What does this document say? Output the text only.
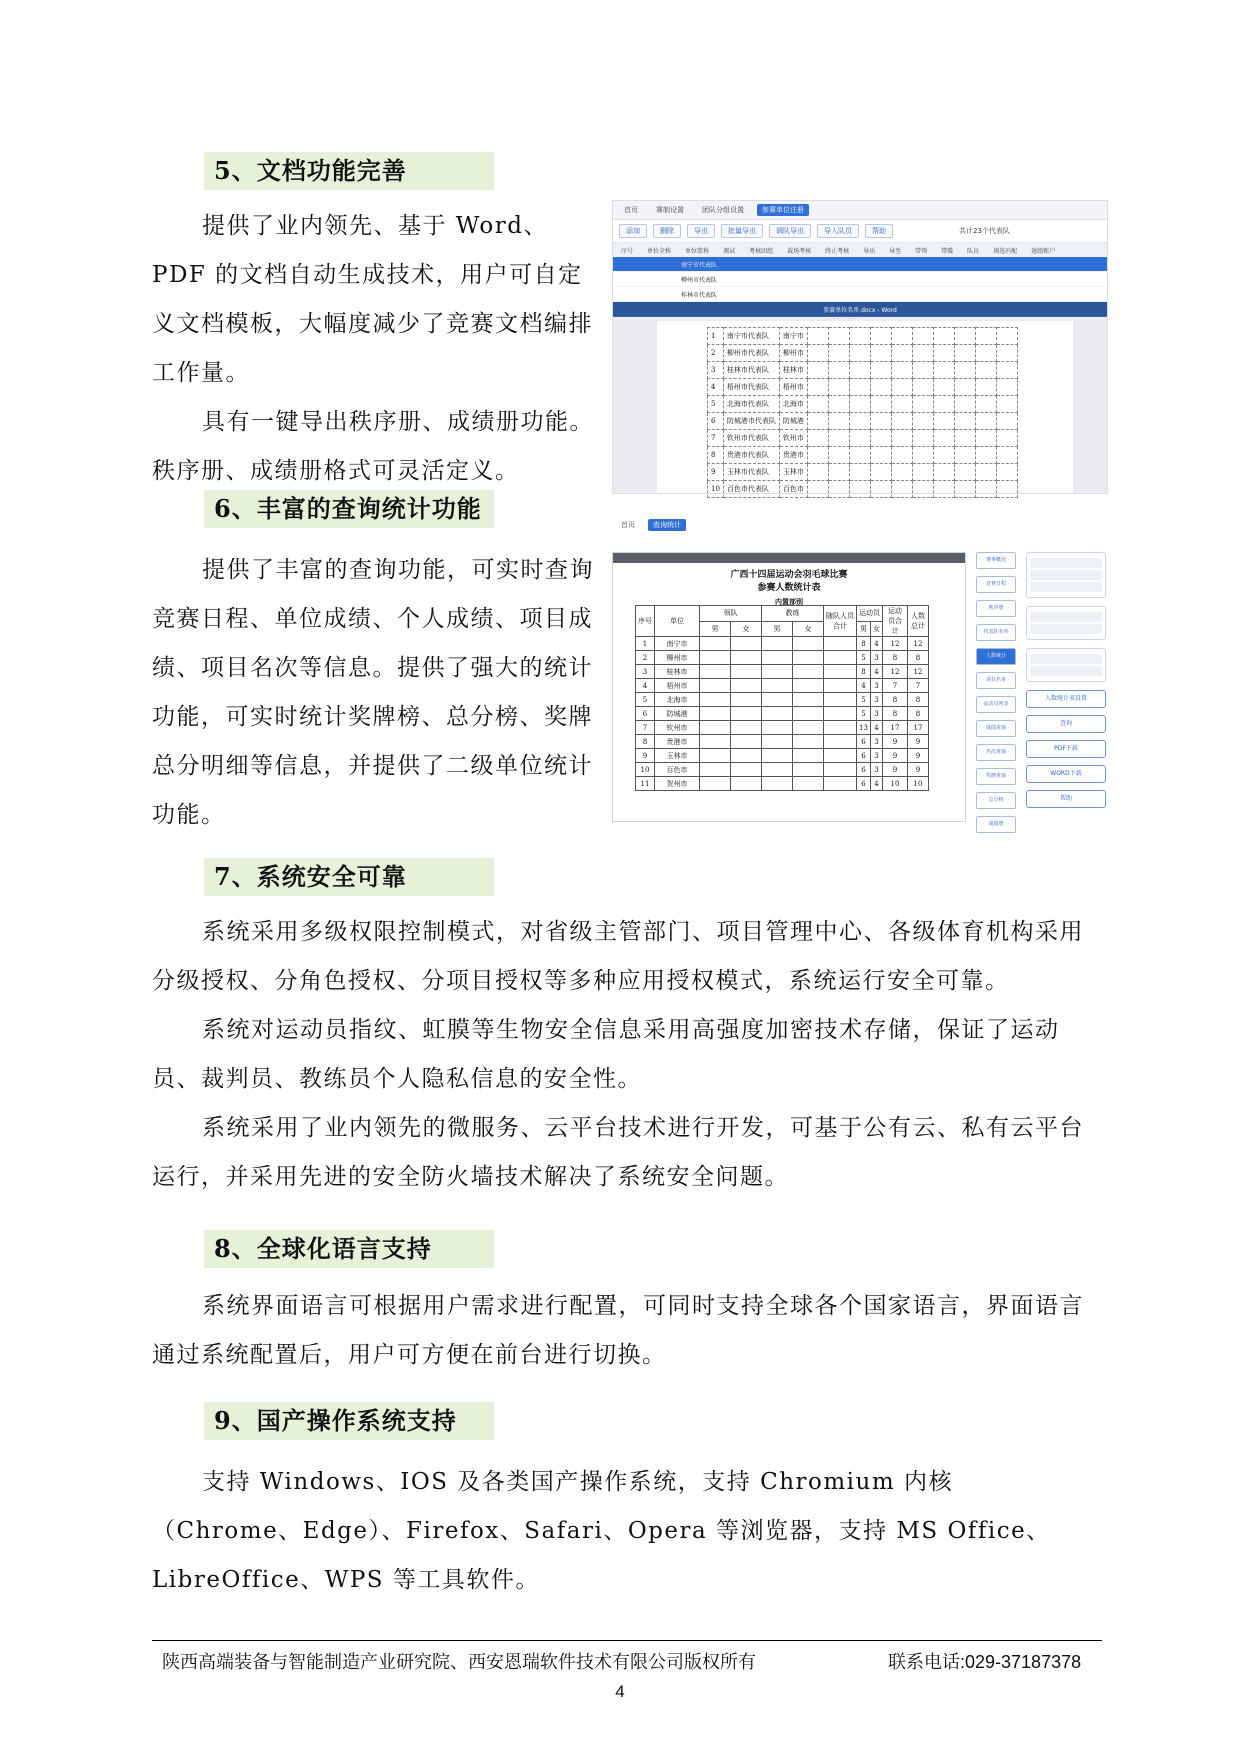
5、文档功能完善

提供了业内领先、基于 Word、PDF 的文档自动生成技术，用户可自定义文档模板，大幅度减少了竞赛文档编排工作量。

具有一键导出秩序册、成绩册功能。秩序册、成绩册格式可灵活定义。

6、丰富的查询统计功能

提供了丰富的查询功能，可实时查询竞赛日程、单位成绩、个人成绩、项目成绩、项目名次等信息。提供了强大的统计功能，可实时统计奖牌榜、总分榜、奖牌总分明细等信息，并提供了二级单位统计功能。

7、系统安全可靠

系统采用多级权限控制模式，对省级主管部门、项目管理中心、各级体育机构采用分级授权、分角色授权、分项目授权等多种应用授权模式，系统运行安全可靠。

系统对运动员指纹、虹膜等生物安全信息采用高强度加密技术存储，保证了运动员、裁判员、教练员个人隐私信息的安全性。

系统采用了业内领先的微服务、云平台技术进行开发，可基于公有云、私有云平台运行，并采用先进的安全防火墙技术解决了系统安全问题。

8、全球化语言支持

系统界面语言可根据用户需求进行配置，可同时支持全球各个国家语言，界面语言通过系统配置后，用户可方便在前台进行切换。

9、国产操作系统支持

支持 Windows、IOS 及各类国产操作系统，支持 Chromium 内核（Chrome、Edge）、Firefox、Safari、Opera 等浏览器，支持 MS Office、LibreOffice、WPS 等工具软件。

首页	赛制设置	团队分组设置	参赛单位注册
添加	删除	导出	批量导出	调队导出	导入队员	帮助	共计23个代表队
序号 单位全称 单位简称 调试 考核团组 裁场考核 终止考核 导出 导至 带领 带碟 队员 填选匹配 退组账户
南宁市代表队
柳州市代表队
桂林市代表队
参赛单位名单.docx - Word
1	南宁市代表队	南宁市										
2	柳州市代表队	柳州市										
3	桂林市代表队	桂林市										
4	梧州市代表队	梧州市										
5	北海市代表队	北海市										
6	防城港市代表队	防城港										
7	钦州市代表队	钦州市										
8	贵港市代表队	贵港市										
9	玉林市代表队	玉林市										
10	百色市代表队	百色市										
首页	查询统计
广西十四届运动会羽毛球比赛
参赛人数统计表
内置部别
序号	单位	领队		教练		随队人员合计	运动员		运动员合计	人数总计
		男	女	男	女		男	女		
1	南宁市						8	4	12	12
2	柳州市						5	3	8	8
3	桂林市						8	4	12	12
4	梧州市						4	3	7	7
5	北海市						5	3	8	8
6	防城港						5	3	8	8
7	钦州市						13	4	17	17
8	贵港市						6	3	9	9
9	玉林市						6	3	9	9
10	百色市						6	3	9	9
11	贺州市						6	4	10	10
赛事概况
竞赛日程
秩序册
代表队名单
人数统计
项目名单
运动员列表
成绩查询
名次查询
奖牌查询
总分榜
成绩册
人数统计表设置
查询
PDF下载
WORD下载
帮助
陕西高端装备与智能制造产业研究院、西安恩瑞软件技术有限公司版权所有	联系电话:029-37187378
4
